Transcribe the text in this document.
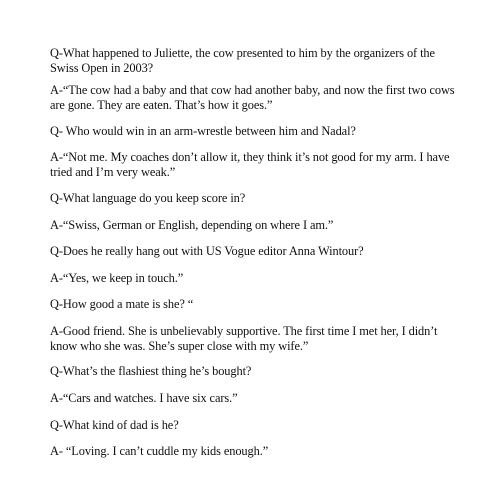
Q-What happened to Juliette, the cow presented to him by the organizers of the Swiss Open in 2003?

A-“The cow had a baby and that cow had another baby, and now the first two cows are gone. They are eaten. That’s how it goes.”

Q- Who would win in an arm-wrestle between him and Nadal?

A-“Not me. My coaches don’t allow it, they think it’s not good for my arm. I have tried and I’m very weak.”

Q-What language do you keep score in?

A-“Swiss, German or English, depending on where I am.”

Q-Does he really hang out with US Vogue editor Anna Wintour?

A-“Yes, we keep in touch.”

Q-How good a mate is she? “

A-Good friend. She is unbelievably supportive. The first time I met her, I didn’t know who she was. She’s super close with my wife.”

Q-What’s the flashiest thing he’s bought?

A-“Cars and watches. I have six cars.”

Q-What kind of dad is he?

A- “Loving. I can’t cuddle my kids enough.”
